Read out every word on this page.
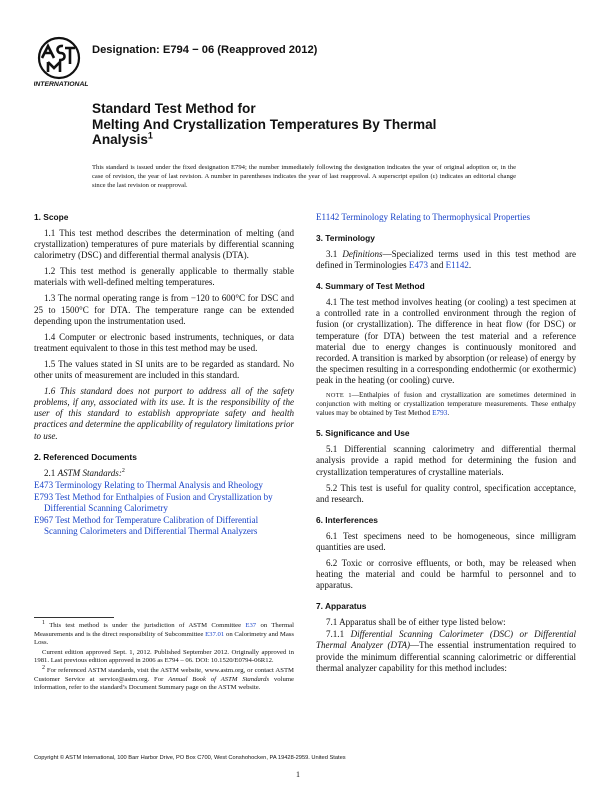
INTERNATIONAL
Designation: E794 − 06 (Reapproved 2012)
Standard Test Method for
Melting And Crystallization Temperatures By Thermal
Analysis$^1$
This standard is issued under the fixed designation E794; the number immediately following the designation indicates the year of original adoption or, in the case of revision, the year of last revision. A number in parentheses indicates the year of last reapproval. A superscript epsilon (ε) indicates an editorial change since the last revision or reapproval.
1. Scope

1.1 This test method describes the determination of melting (and crystallization) temperatures of pure materials by differential scanning calorimetry (DSC) and differential thermal analysis (DTA).

1.2 This test method is generally applicable to thermally stable materials with well-defined melting temperatures.

1.3 The normal operating range is from −120 to 600°C for DSC and 25 to 1500°C for DTA. The temperature range can be extended depending upon the instrumentation used.

1.4 Computer or electronic based instruments, techniques, or data treatment equivalent to those in this test method may be used.

1.5 The values stated in SI units are to be regarded as standard. No other units of measurement are included in this standard.

1.6 This standard does not purport to address all of the safety problems, if any, associated with its use. It is the responsibility of the user of this standard to establish appropriate safety and health practices and determine the applicability of regulatory limitations prior to use.

2. Referenced Documents

2.1 ASTM Standards:$^2$

E473 Terminology Relating to Thermal Analysis and Rheology

E793 Test Method for Enthalpies of Fusion and Crystallization by Differential Scanning Calorimetry

E967 Test Method for Temperature Calibration of Differential Scanning Calorimeters and Differential Thermal Analyzers

$^1$ This test method is under the jurisdiction of ASTM Committee E37 on Thermal Measurements and is the direct responsibility of Subcommittee E37.01 on Calorimetry and Mass Loss.

Current edition approved Sept. 1, 2012. Published September 2012. Originally approved in 1981. Last previous edition approved in 2006 as E794 – 06. DOI: 10.1520/E0794-06R12.

$^2$ For referenced ASTM standards, visit the ASTM website, www.astm.org, or contact ASTM Customer Service at service@astm.org. For Annual Book of ASTM Standards volume information, refer to the standard’s Document Summary page on the ASTM website.

E1142 Terminology Relating to Thermophysical Properties

3. Terminology

3.1 Definitions—Specialized terms used in this test method are defined in Terminologies E473 and E1142.

4. Summary of Test Method

4.1 The test method involves heating (or cooling) a test specimen at a controlled rate in a controlled environment through the region of fusion (or crystallization). The difference in heat flow (for DSC) or temperature (for DTA) between the test material and a reference material due to energy changes is continuously monitored and recorded. A transition is marked by absorption (or release) of energy by the specimen resulting in a corresponding endothermic (or exothermic) peak in the heating (or cooling) curve.

NOTE 1—Enthalpies of fusion and crystallization are sometimes determined in conjunction with melting or crystallization temperature measurements. These enthalpy values may be obtained by Test Method E793.

5. Significance and Use

5.1 Differential scanning calorimetry and differential thermal analysis provide a rapid method for determining the fusion and crystallization temperatures of crystalline materials.

5.2 This test is useful for quality control, specification acceptance, and research.

6. Interferences

6.1 Test specimens need to be homogeneous, since milligram quantities are used.

6.2 Toxic or corrosive effluents, or both, may be released when heating the material and could be harmful to personnel and to apparatus.

7. Apparatus

7.1 Apparatus shall be of either type listed below:

7.1.1 Differential Scanning Calorimeter (DSC) or Differential Thermal Analyzer (DTA)—The essential instrumentation required to provide the minimum differential scanning calorimetric or differential thermal analyzer capability for this method includes:

Copyright © ASTM International, 100 Barr Harbor Drive, PO Box C700, West Conshohocken, PA 19428-2959. United States
1
